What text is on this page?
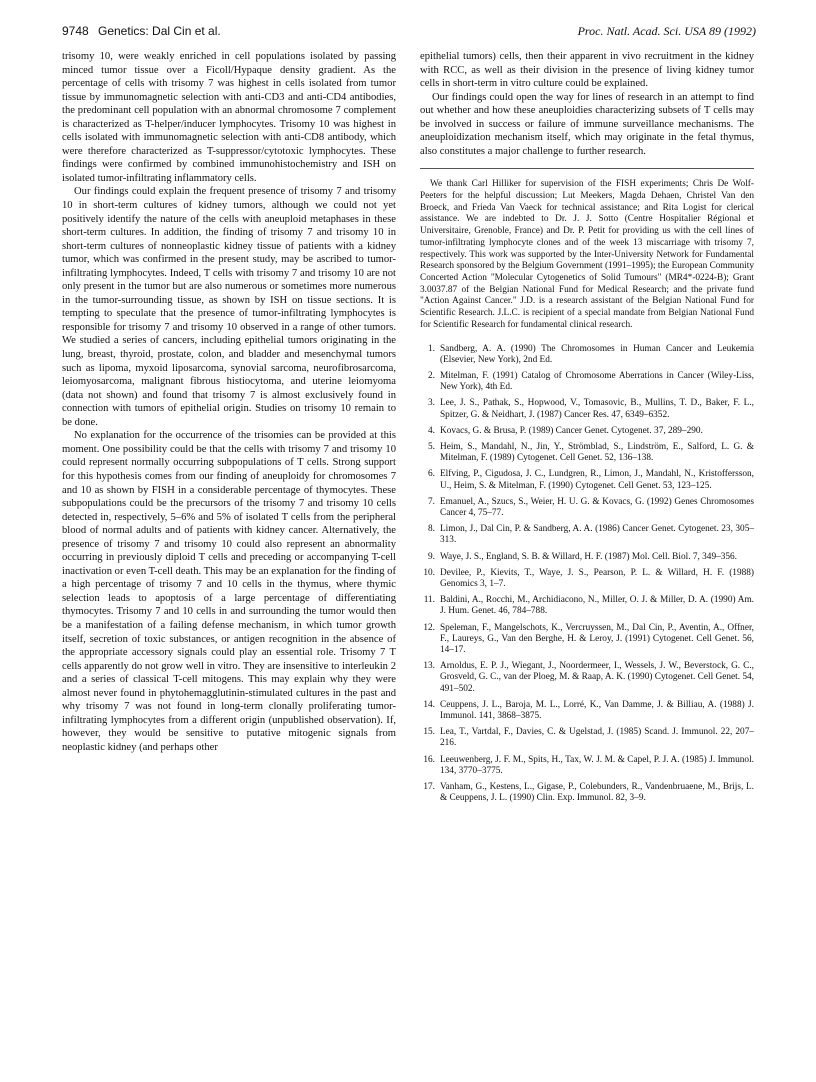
9748 Genetics: Dal Cin et al.	Proc. Natl. Acad. Sci. USA 89 (1992)

trisomy 10, were weakly enriched in cell populations isolated by passing minced tumor tissue over a Ficoll/Hypaque density gradient. As the percentage of cells with trisomy 7 was highest in cells isolated from tumor tissue by immunomagnetic selection with anti-CD3 and anti-CD4 antibodies, the predominant cell population with an abnormal chromosome 7 complement is characterized as T-helper/inducer lymphocytes. Trisomy 10 was highest in cells isolated with immunomagnetic selection with anti-CD8 antibody, which were therefore characterized as T-suppressor/cytotoxic lymphocytes. These findings were confirmed by combined immunohistochemistry and ISH on isolated tumor-infiltrating inflammatory cells.

Our findings could explain the frequent presence of trisomy 7 and trisomy 10 in short-term cultures of kidney tumors, although we could not yet positively identify the nature of the cells with aneuploid metaphases in these short-term cultures. In addition, the finding of trisomy 7 and trisomy 10 in short-term cultures of nonneoplastic kidney tissue of patients with a kidney tumor, which was confirmed in the present study, may be ascribed to tumor-infiltrating lymphocytes. Indeed, T cells with trisomy 7 and trisomy 10 are not only present in the tumor but are also numerous or sometimes more numerous in the tumor-surrounding tissue, as shown by ISH on tissue sections. It is tempting to speculate that the presence of tumor-infiltrating lymphocytes is responsible for trisomy 7 and trisomy 10 observed in a range of other tumors. We studied a series of cancers, including epithelial tumors originating in the lung, breast, thyroid, prostate, colon, and bladder and mesenchymal tumors such as lipoma, myxoid liposarcoma, synovial sarcoma, neurofibrosarcoma, leiomyosarcoma, malignant fibrous histiocytoma, and uterine leiomyoma (data not shown) and found that trisomy 7 is almost exclusively found in connection with tumors of epithelial origin. Studies on trisomy 10 remain to be done.

No explanation for the occurrence of the trisomies can be provided at this moment. One possibility could be that the cells with trisomy 7 and trisomy 10 could represent normally occurring subpopulations of T cells. Strong support for this hypothesis comes from our finding of aneuploidy for chromosomes 7 and 10 as shown by FISH in a considerable percentage of thymocytes. These subpopulations could be the precursors of the trisomy 7 and trisomy 10 cells detected in, respectively, 5–6% and 5% of isolated T cells from the peripheral blood of normal adults and of patients with kidney cancer. Alternatively, the presence of trisomy 7 and trisomy 10 could also represent an abnormality occurring in previously diploid T cells and preceding or accompanying T-cell inactivation or even T-cell death. This may be an explanation for the finding of a high percentage of trisomy 7 and 10 cells in the thymus, where thymic selection leads to apoptosis of a large percentage of differentiating thymocytes. Trisomy 7 and 10 cells in and surrounding the tumor would then be a manifestation of a failing defense mechanism, in which tumor growth itself, secretion of toxic substances, or antigen recognition in the absence of the appropriate accessory signals could play an essential role. Trisomy 7 T cells apparently do not grow well in vitro. They are insensitive to interleukin 2 and a series of classical T-cell mitogens. This may explain why they were almost never found in phytohemagglutinin-stimulated cultures in the past and why trisomy 7 was not found in long-term clonally proliferating tumor-infiltrating lymphocytes from a different origin (unpublished observation). If, however, they would be sensitive to putative mitogenic signals from neoplastic kidney (and perhaps other

epithelial tumors) cells, then their apparent in vivo recruitment in the kidney with RCC, as well as their division in the presence of living kidney tumor cells in short-term in vitro culture could be explained.

Our findings could open the way for lines of research in an attempt to find out whether and how these aneuploidies characterizing subsets of T cells may be involved in success or failure of immune surveillance mechanisms. The aneuploidization mechanism itself, which may originate in the fetal thymus, also constitutes a major challenge to further research.

We thank Carl Hilliker for supervision of the FISH experiments; Chris De Wolf-Peeters for the helpful discussion; Lut Meekers, Magda Dehaen, Christel Van den Broeck, and Frieda Van Vaeck for technical assistance; and Rita Logist for clerical assistance. We are indebted to Dr. J. J. Sotto (Centre Hospitalier Régional et Universitaire, Grenoble, France) and Dr. P. Petit for providing us with the cell lines of tumor-infiltrating lymphocyte clones and of the week 13 miscarriage with trisomy 7, respectively. This work was supported by the Inter-University Network for Fundamental Research sponsored by the Belgium Government (1991–1995); the European Community Concerted Action "Molecular Cytogenetics of Solid Tumours" (MR4*-0224-B); Grant 3.0037.87 of the Belgian National Fund for Medical Research; and the private fund "Action Against Cancer." J.D. is a research assistant of the Belgian National Fund for Scientific Research. J.L.C. is recipient of a special mandate from Belgian National Fund for Scientific Research for fundamental clinical research.

1. Sandberg, A. A. (1990) The Chromosomes in Human Cancer and Leukemia (Elsevier, New York), 2nd Ed.
2. Mitelman, F. (1991) Catalog of Chromosome Aberrations in Cancer (Wiley-Liss, New York), 4th Ed.
3. Lee, J. S., Pathak, S., Hopwood, V., Tomasovic, B., Mullins, T. D., Baker, F. L., Spitzer, G. & Neidhart, J. (1987) Cancer Res. 47, 6349–6352.
4. Kovacs, G. & Brusa, P. (1989) Cancer Genet. Cytogenet. 37, 289–290.
5. Heim, S., Mandahl, N., Jin, Y., Strömblad, S., Lindström, E., Salford, L. G. & Mitelman, F. (1989) Cytogenet. Cell Genet. 52, 136–138.
6. Elfving, P., Cigudosa, J. C., Lundgren, R., Limon, J., Mandahl, N., Kristoffersson, U., Heim, S. & Mitelman, F. (1990) Cytogenet. Cell Genet. 53, 123–125.
7. Emanuel, A., Szucs, S., Weier, H. U. G. & Kovacs, G. (1992) Genes Chromosomes Cancer 4, 75–77.
8. Limon, J., Dal Cin, P. & Sandberg, A. A. (1986) Cancer Genet. Cytogenet. 23, 305–313.
9. Waye, J. S., England, S. B. & Willard, H. F. (1987) Mol. Cell. Biol. 7, 349–356.
10. Devilee, P., Kievits, T., Waye, J. S., Pearson, P. L. & Willard, H. F. (1988) Genomics 3, 1–7.
11. Baldini, A., Rocchi, M., Archidiacono, N., Miller, O. J. & Miller, D. A. (1990) Am. J. Hum. Genet. 46, 784–788.
12. Speleman, F., Mangelschots, K., Vercruyssen, M., Dal Cin, P., Aventin, A., Offner, F., Laureys, G., Van den Berghe, H. & Leroy, J. (1991) Cytogenet. Cell Genet. 56, 14–17.
13. Arnoldus, E. P. J., Wiegant, J., Noordermeer, I., Wessels, J. W., Beverstock, G. C., Grosveld, G. C., van der Ploeg, M. & Raap, A. K. (1990) Cytogenet. Cell Genet. 54, 491–502.
14. Ceuppens, J. L., Baroja, M. L., Lorré, K., Van Damme, J. & Billiau, A. (1988) J. Immunol. 141, 3868–3875.
15. Lea, T., Vartdal, F., Davies, C. & Ugelstad, J. (1985) Scand. J. Immunol. 22, 207–216.
16. Leeuwenberg, J. F. M., Spits, H., Tax, W. J. M. & Capel, P. J. A. (1985) J. Immunol. 134, 3770–3775.
17. Vanham, G., Kestens, L., Gigase, P., Colebunders, R., Vandenbruaene, M., Brijs, L. & Ceuppens, J. L. (1990) Clin. Exp. Immunol. 82, 3–9.
